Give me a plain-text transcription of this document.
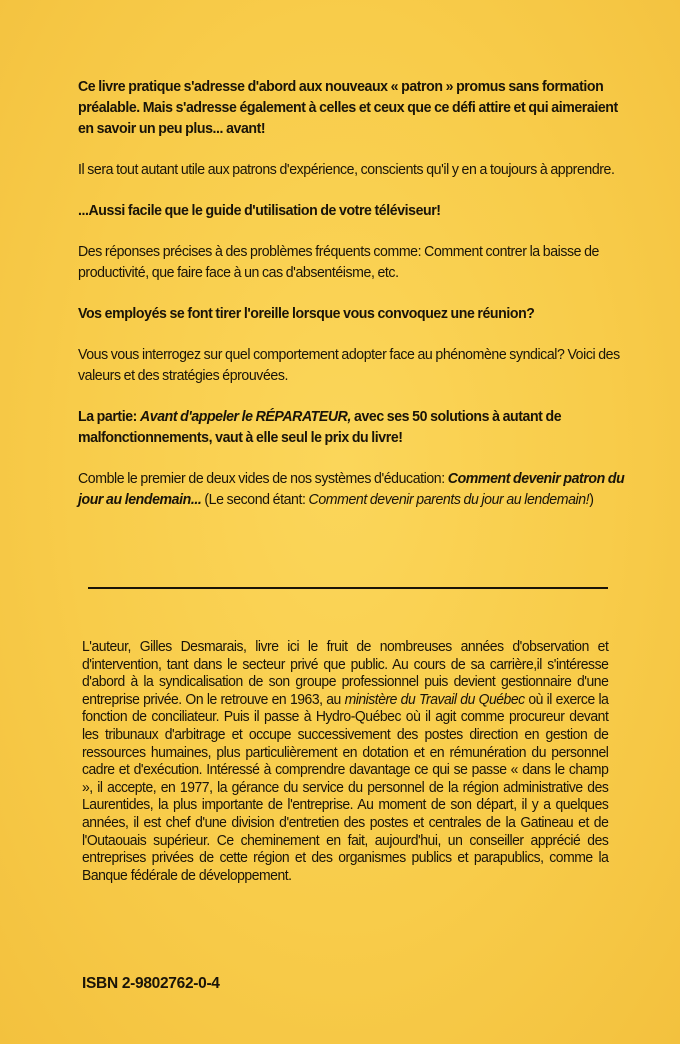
Ce livre pratique s'adresse d'abord aux nouveaux « patron » promus sans formation préalable. Mais s'adresse également à celles et ceux que ce défi attire et qui aimeraient en savoir un peu plus... avant!

Il sera tout autant utile aux patrons d'expérience, conscients qu'il y en a toujours à apprendre.

...Aussi facile que le guide d'utilisation de votre téléviseur!

Des réponses précises à des problèmes fréquents comme: Comment contrer la baisse de productivité, que faire face à un cas d'absentéisme, etc.

Vos employés se font tirer l'oreille lorsque vous convoquez une réunion?

Vous vous interrogez sur quel comportement adopter face au phénomène syndical? Voici des valeurs et des stratégies éprouvées.

La partie: Avant d'appeler le RÉPARATEUR, avec ses 50 solutions à autant de malfonctionnements, vaut à elle seul le prix du livre!

Comble le premier de deux vides de nos systèmes d'éducation: Comment devenir patron du jour au lendemain... (Le second étant: Comment devenir parents du jour au lendemain!)

L'auteur, Gilles Desmarais, livre ici le fruit de nombreuses années d'observation et d'intervention, tant dans le secteur privé que public. Au cours de sa carrière,il s'intéresse d'abord à la syndicalisation de son groupe professionnel puis devient gestionnaire d'une entreprise privée. On le retrouve en 1963, au ministère du Travail du Québec où il exerce la fonction de conciliateur. Puis il passe à Hydro-Québec où il agit comme procureur devant les tribunaux d'arbitrage et occupe successivement des postes direction en gestion de ressources humaines, plus particulièrement en dotation et en rémunération du personnel cadre et d'exécution. Intéressé à comprendre davantage ce qui se passe « dans le champ », il accepte, en 1977, la gérance du service du personnel de la région administrative des Laurentides, la plus importante de l'entreprise. Au moment de son départ, il y a quelques années, il est chef d'une division d'entretien des postes et centrales de la Gatineau et de l'Outaouais supérieur. Ce cheminement en fait, aujourd'hui, un conseiller apprécié des entreprises privées de cette région et des organismes publics et parapublics, comme la Banque fédérale de développement.

ISBN 2-9802762-0-4
